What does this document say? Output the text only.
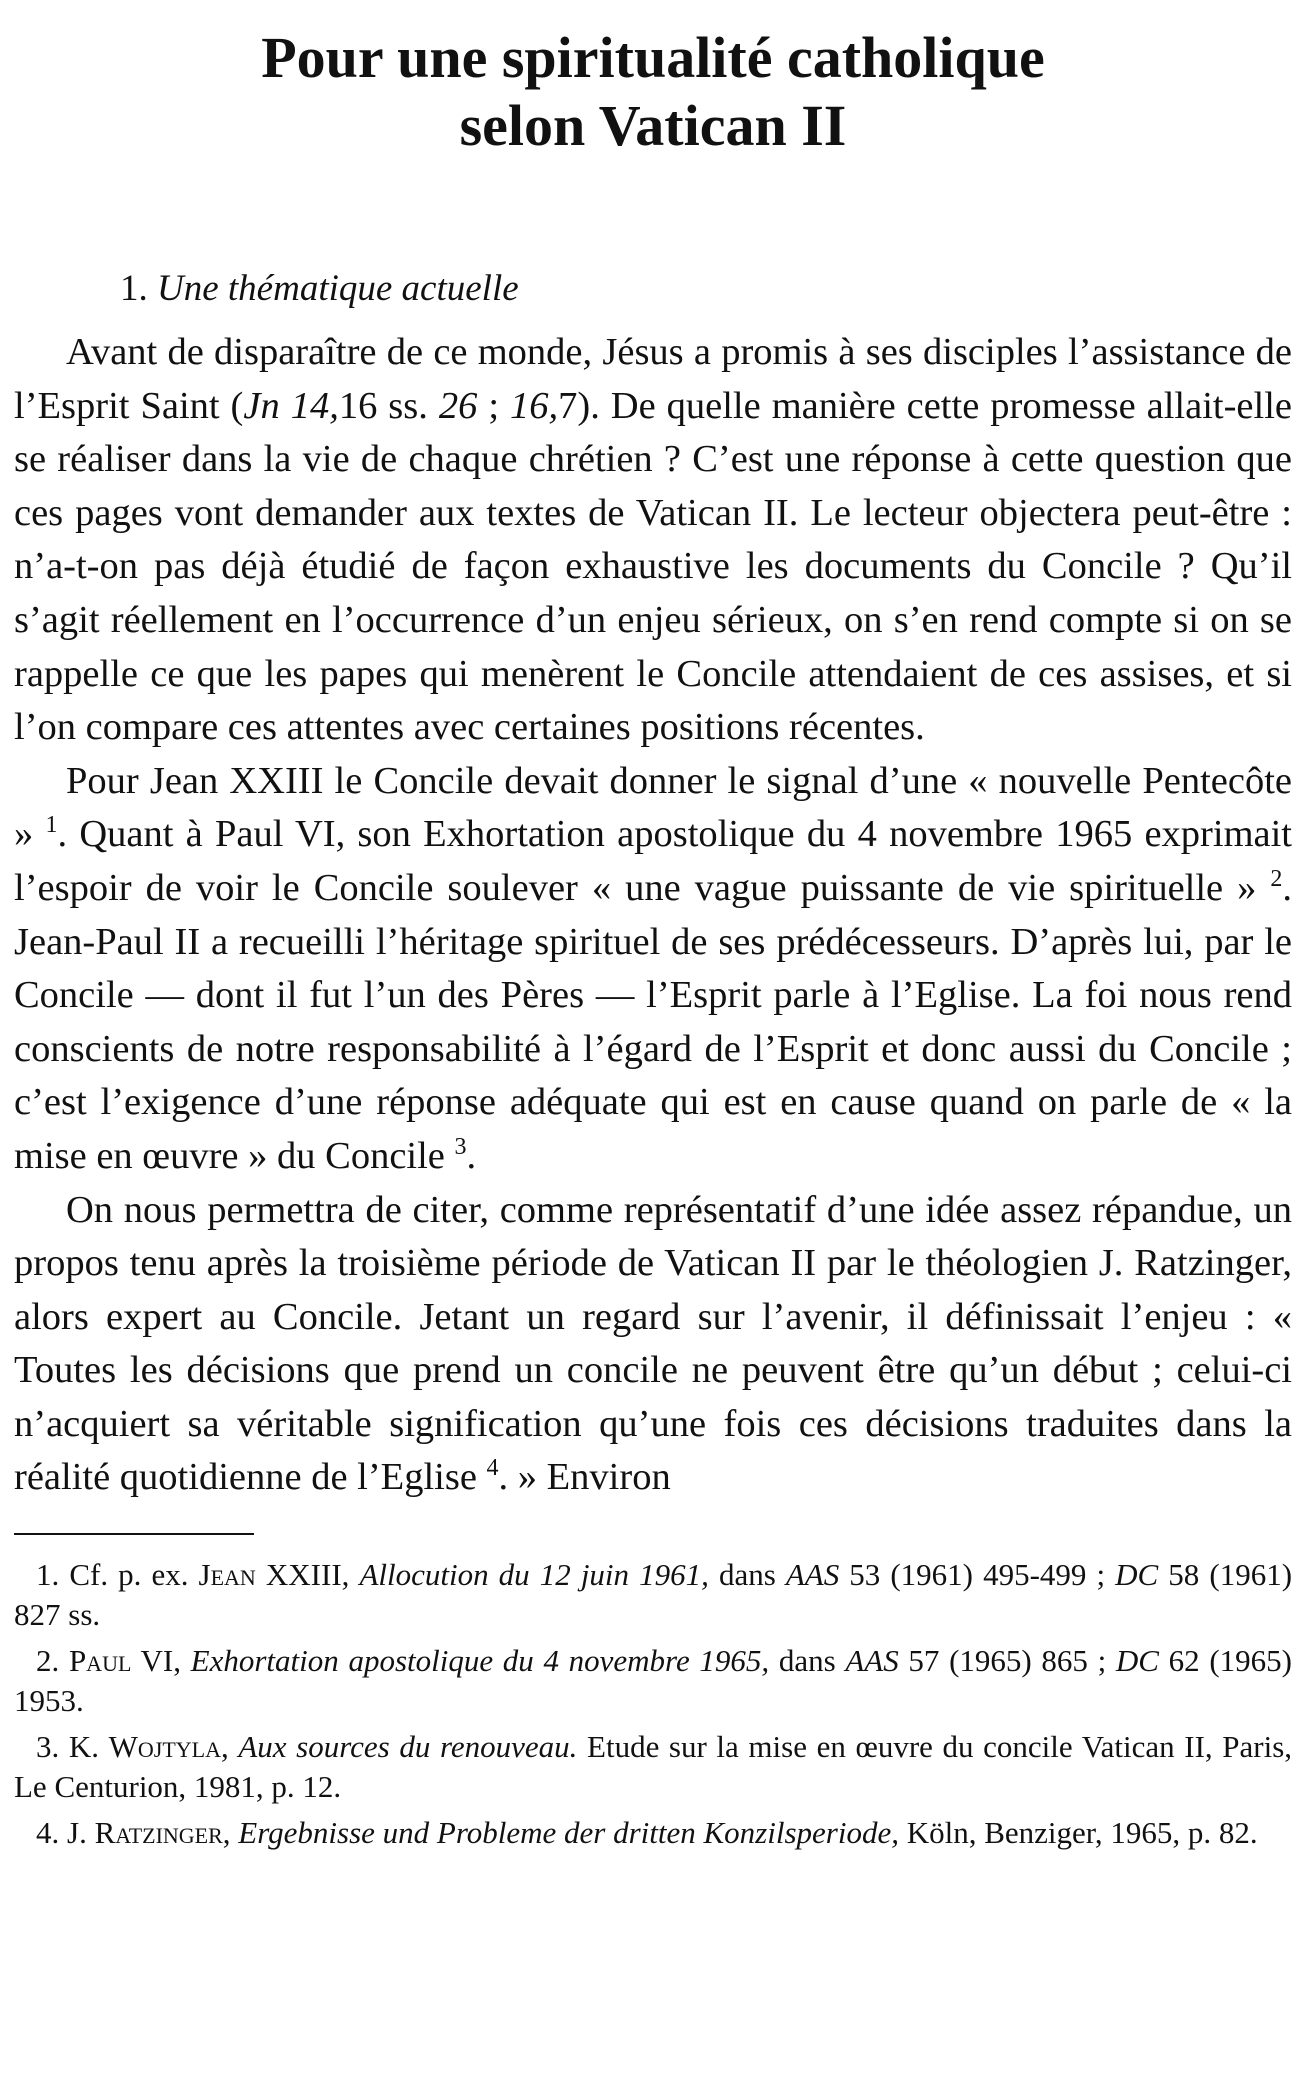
Pour une spiritualité catholique
selon Vatican II
1. Une thématique actuelle

Avant de disparaître de ce monde, Jésus a promis à ses disciples l’assistance de l’Esprit Saint (Jn 14,16 ss. 26 ; 16,7). De quelle manière cette promesse allait-elle se réaliser dans la vie de chaque chrétien ? C’est une réponse à cette question que ces pages vont demander aux textes de Vatican II. Le lecteur objectera peut-être : n’a-t-on pas déjà étudié de façon exhaustive les documents du Concile ? Qu’il s’agit réellement en l’occurrence d’un enjeu sérieux, on s’en rend compte si on se rappelle ce que les papes qui menèrent le Concile attendaient de ces assises, et si l’on compare ces attentes avec certaines positions récentes.

Pour Jean XXIII le Concile devait donner le signal d’une « nouvelle Pentecôte » $^1$. Quant à Paul VI, son Exhortation apostolique du 4 novembre 1965 exprimait l’espoir de voir le Concile soulever « une vague puissante de vie spirituelle » $^2$. Jean-Paul II a recueilli l’héritage spirituel de ses prédécesseurs. D’après lui, par le Concile — dont il fut l’un des Pères — l’Esprit parle à l’Eglise. La foi nous rend conscients de notre responsabilité à l’égard de l’Esprit et donc aussi du Concile ; c’est l’exigence d’une réponse adéquate qui est en cause quand on parle de « la mise en œuvre » du Concile $^3$.

On nous permettra de citer, comme représentatif d’une idée assez répandue, un propos tenu après la troisième période de Vatican II par le théologien J. Ratzinger, alors expert au Concile. Jetant un regard sur l’avenir, il définissait l’enjeu : « Toutes les décisions que prend un concile ne peuvent être qu’un début ; celui-ci n’acquiert sa véritable signification qu’une fois ces décisions traduites dans la réalité quotidienne de l’Eglise $^4$. » Environ

1. Cf. p. ex. Jean XXIII, Allocution du 12 juin 1961, dans AAS 53 (1961) 495-499 ; DC 58 (1961) 827 ss.

2. Paul VI, Exhortation apostolique du 4 novembre 1965, dans AAS 57 (1965) 865 ; DC 62 (1965) 1953.

3. K. Wojtyla, Aux sources du renouveau. Etude sur la mise en œuvre du concile Vatican II, Paris, Le Centurion, 1981, p. 12.

4. J. Ratzinger, Ergebnisse und Probleme der dritten Konzilsperiode, Köln, Benziger, 1965, p. 82.
